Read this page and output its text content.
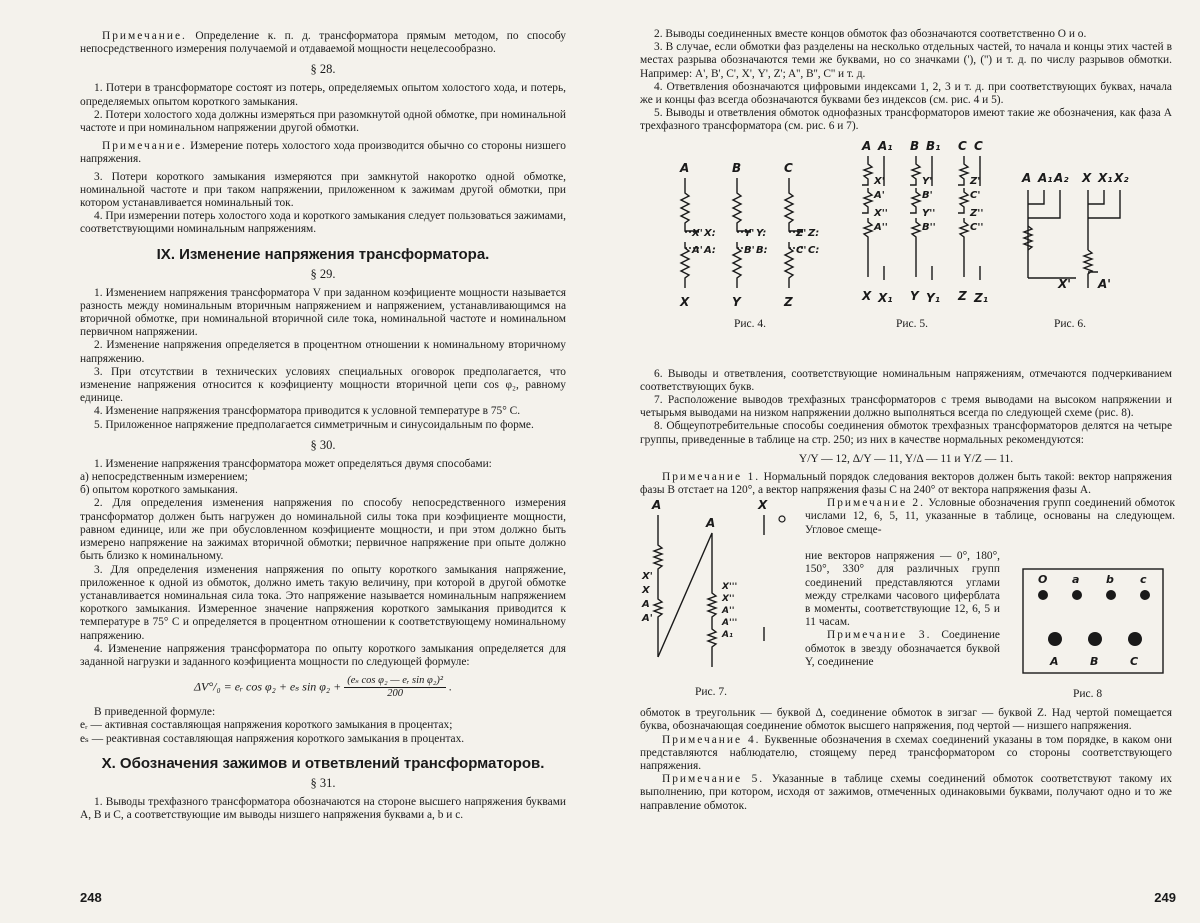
Примечание. Определение к. п. д. трансформатора прямым методом, по способу непосредственного измерения получаемой и отдаваемой мощности нецелесообразно.

§ 28.

1. Потери в трансформаторе состоят из потерь, определяемых опытом холостого хода, и потерь, определяемых опытом короткого замыкания.

2. Потери холостого хода должны измеряться при разомкнутой одной обмотке, при номинальной частоте и при номинальном напряжении другой обмотки.

Примечание. Измерение потерь холостого хода производится обычно со стороны низшего напряжения.

3. Потери короткого замыкания измеряются при замкнутой накоротко одной обмотке, номинальной частоте и при таком напряжении, приложенном к зажимам другой обмотки, при котором устанавливается номинальный ток.

4. При измерении потерь холостого хода и короткого замыкания следует пользоваться зажимами, соответствующими номинальным напряжениям.

IX. Изменение напряжения трансформатора.
§ 29.

1. Изменением напряжения трансформатора V при заданном коэфициенте мощности называется разность между номинальным вторичным напряжением и напряжением, устанавливающимся на вторичной обмотке, при номинальной вторичной силе тока, номинальной частоте и номинальном первичном напряжении.

2. Изменение напряжения определяется в процентном отношении к номинальному вторичному напряжению.

3. При отсутствии в технических условиях специальных оговорок предполагается, что изменение напряжения относится к коэфициенту мощности вторичной цепи cos φ₂, равному единице.

4. Изменение напряжения трансформатора приводится к условной температуре в 75° С.

5. Приложенное напряжение предполагается симметричным и синусоидальным по форме.

§ 30.

1. Изменение напряжения трансформатора может определяться двумя способами:

а) непосредственным измерением;

б) опытом короткого замыкания.

2. Для определения изменения напряжения по способу непосредственного измерения трансформатор должен быть нагружен до номинальной силы тока при коэфициенте мощности, равном единице, или же при обусловленном коэфициенте мощности, и при этом должно быть измерено напряжение на зажимах вторичной обмотки; первичное напряжение при опыте должно быть близко к номинальному.

3. Для определения изменения напряжения по опыту короткого замыкания напряжение, приложенное к одной из обмоток, должно иметь такую величину, при которой в другой обмотке устанавливается номинальная сила тока. Это напряжение называется номинальным напряжением короткого замыкания. Измеренное значение напряжения короткого замыкания приводится к температуре в 75° С и определяется в процентном отношении к соответствующему номинальному напряжению.

4. Изменение напряжения трансформатора по опыту короткого замыкания определяется для заданной нагрузки и заданного коэфициента мощности по следующей формуле:

ΔV°/₀ = eᵣ cos φ₂ + eₛ $\sin \varphi_2 + \frac{\text{(eₛ cos φ₂ — eᵣ sin φ₂)²}}{200}$ .

В приведенной формуле:

eᵣ — активная составляющая напряжения короткого замыкания в процентах;

eₛ — реактивная составляющая напряжения короткого замыкания в процентах.

X. Обозначения зажимов и ответвлений трансформаторов.
§ 31.

1. Выводы трехфазного трансформатора обозначаются на стороне высшего напряжения буквами А, В и С, а соответствующие им выводы низшего напряжения буквами а, b и с.

248

2. Выводы соединенных вместе концов обмоток фаз обозначаются соответственно О и о.

3. В случае, если обмотки фаз разделены на несколько отдельных частей, то начала и концы этих частей в местах разрыва обозначаются теми же буквами, но со значками ('), ('') и т. д. по числу разрывов обмотки. Например: А', В', С', Х', Y', Z'; A'', B'', C'' и т. д.

4. Ответвления обозначаются цифровыми индексами 1, 2, 3 и т. д. при соответствующих буквах, начала же и концы фаз всегда обозначаются буквами без индексов (см. рис. 4 и 5).

5. Выводы и ответвления обмоток однофазных трансформаторов имеют такие же обозначения, как фаза А трехфазного трансформатора (см. рис. 6 и 7).

A	B	C
X' X:
A' A:
Y' Y:
B' B:
Z' Z:
C' C:
X	Y	Z
Рис. 4.
A A₁ B B₁ C C
X'	Y'	Z'
A'	B'	C'
X''	Y''	Z''
A''	B''	C''
X X₁ Y Y₁ Z Z₁
Рис. 5.
A A₁ A₂ X X₁ X₂
X' A'
Рис. 6.

6. Выводы и ответвления, соответствующие номинальным напряжениям, отмечаются подчеркиванием соответствующих букв.

7. Расположение выводов трехфазных трансформаторов с тремя выводами на высоком напряжении и четырьмя выводами на низком напряжении должно выполняться всегда по следующей схеме (рис. 8).

8. Общеупотребительные способы соединения обмоток трехфазных трансформаторов делятся на четыре группы, приведенные в таблице на стр. 250; из них в качестве нормальных рекомендуются:

Y/Y — 12, Δ/Y — 11, Y/Δ — 11 и Y/Z — 11.

Примечание 1. Нормальный порядок следования векторов должен быть такой: вектор напряжения фазы В отстает на 120°, а вектор напряжения фазы С на 240° от вектора напряжения фазы А.

A
A
X
X'
X
A
A'
X'''
X''
A''
A'''
A₁
Рис. 7.

Примечание 2. Условные обозначения групп соединений обмоток числами 12, 6, 5, 11, указанные в таблице, основаны на следующем. Угловое смеще-

ние векторов напряжения — 0°, 180°, 150°, 330° для различных групп соединений представляются углами между стрелками часового циферблата в моменты, соответствующие 12, 6, 5 и 11 часам.

Примечание 3. Соединение обмоток в звезду обозначается буквой Y, соединение

O a b c
A	B	C
Рис. 8

обмоток в треугольник — буквой Δ, соединение обмоток в зигзаг — буквой Z. Над чертой помещается буква, обозначающая соединение обмоток высшего напряжения, под чертой — низшего напряжения.

Примечание 4. Буквенные обозначения в схемах соединений указаны в том порядке, в каком они представляются наблюдателю, стоящему перед трансформатором со стороны соответствующего напряжения.

Примечание 5. Указанные в таблице схемы соединений обмоток соответствуют такому их выполнению, при котором, исходя от зажимов, отмеченных одинаковыми буквами, получают одно и то же направление обмоток.

249
